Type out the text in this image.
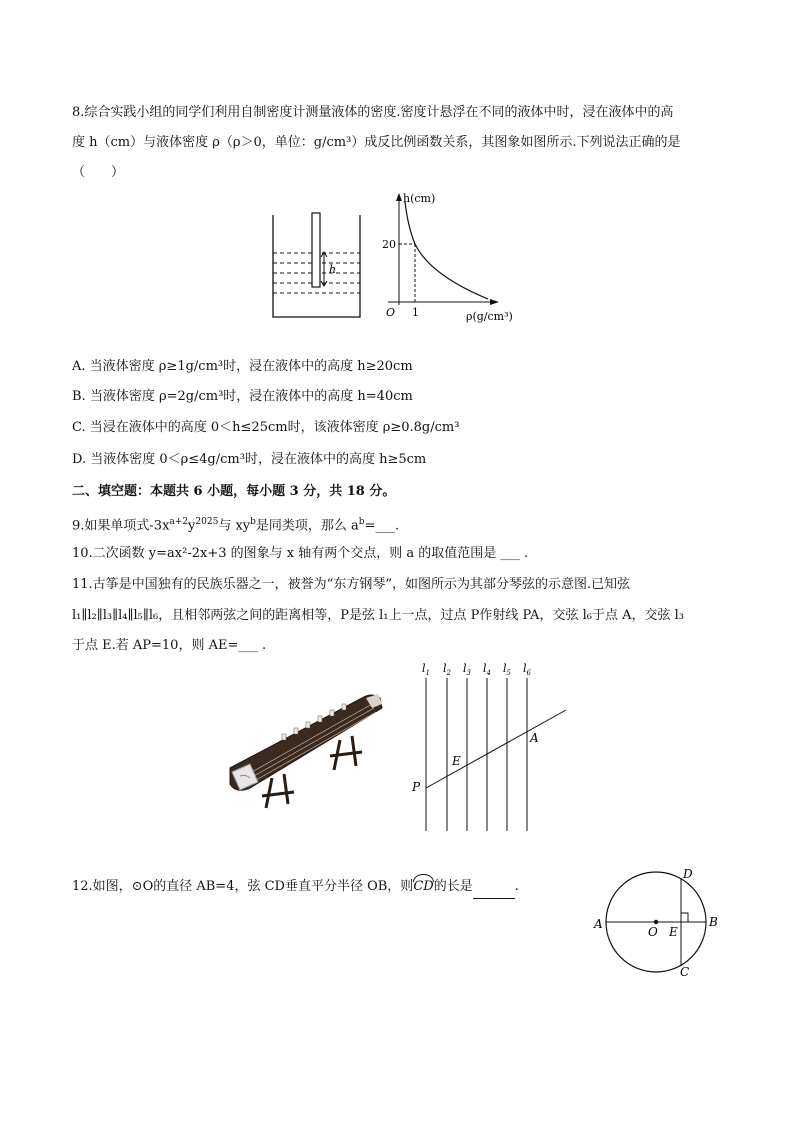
8.综合实践小组的同学们利用自制密度计测量液体的密度.密度计悬浮在不同的液体中时，浸在液体中的高
度 h（cm）与液体密度 ρ（ρ＞0，单位：g/cm³）成反比例函数关系，其图象如图所示.下列说法正确的是
（　　）
h
h(cm)
20
1
O	ρ(g/cm³)
A. 当液体密度 ρ≥1g/cm³时，浸在液体中的高度 h≥20cm
B. 当液体密度 ρ=2g/cm³时，浸在液体中的高度 h=40cm
C. 当浸在液体中的高度 0＜h≤25cm时，该液体密度 ρ≥0.8g/cm³
D. 当液体密度 0＜ρ≤4g/cm³时，浸在液体中的高度 h≥5cm
二、填空题：本题共 6 小题，每小题 3 分，共 18 分。
9.如果单项式$-3x^{a+2}y^{2025}$与 $xy^b$是同类项，那么 $a^b=\_\_\_$.
10.二次函数 y=ax²-2x+3 的图象与 x 轴有两个交点，则 a 的取值范围是 ___ .
11.古筝是中国独有的民族乐器之一，被誉为“东方钢琴”，如图所示为其部分琴弦的示意图.已知弦
l₁∥l₂∥l₃∥l₄∥l₅∥l₆，且相邻两弦之间的距离相等，P是弦 l₁上一点，过点 P作射线 PA，交弦 l₆于点 A，交弦 l₃
于点 E.若 AP=10，则 AE=___ .
$l_1$ $l_2$ $l_3$ $l_4$ $l_5$ $l_6$
P
E
A
12.如图，⊙O的直径 AB=4，弦 CD垂直平分半径 OB，则
CD的长是	.
A	B
C
D
O E
